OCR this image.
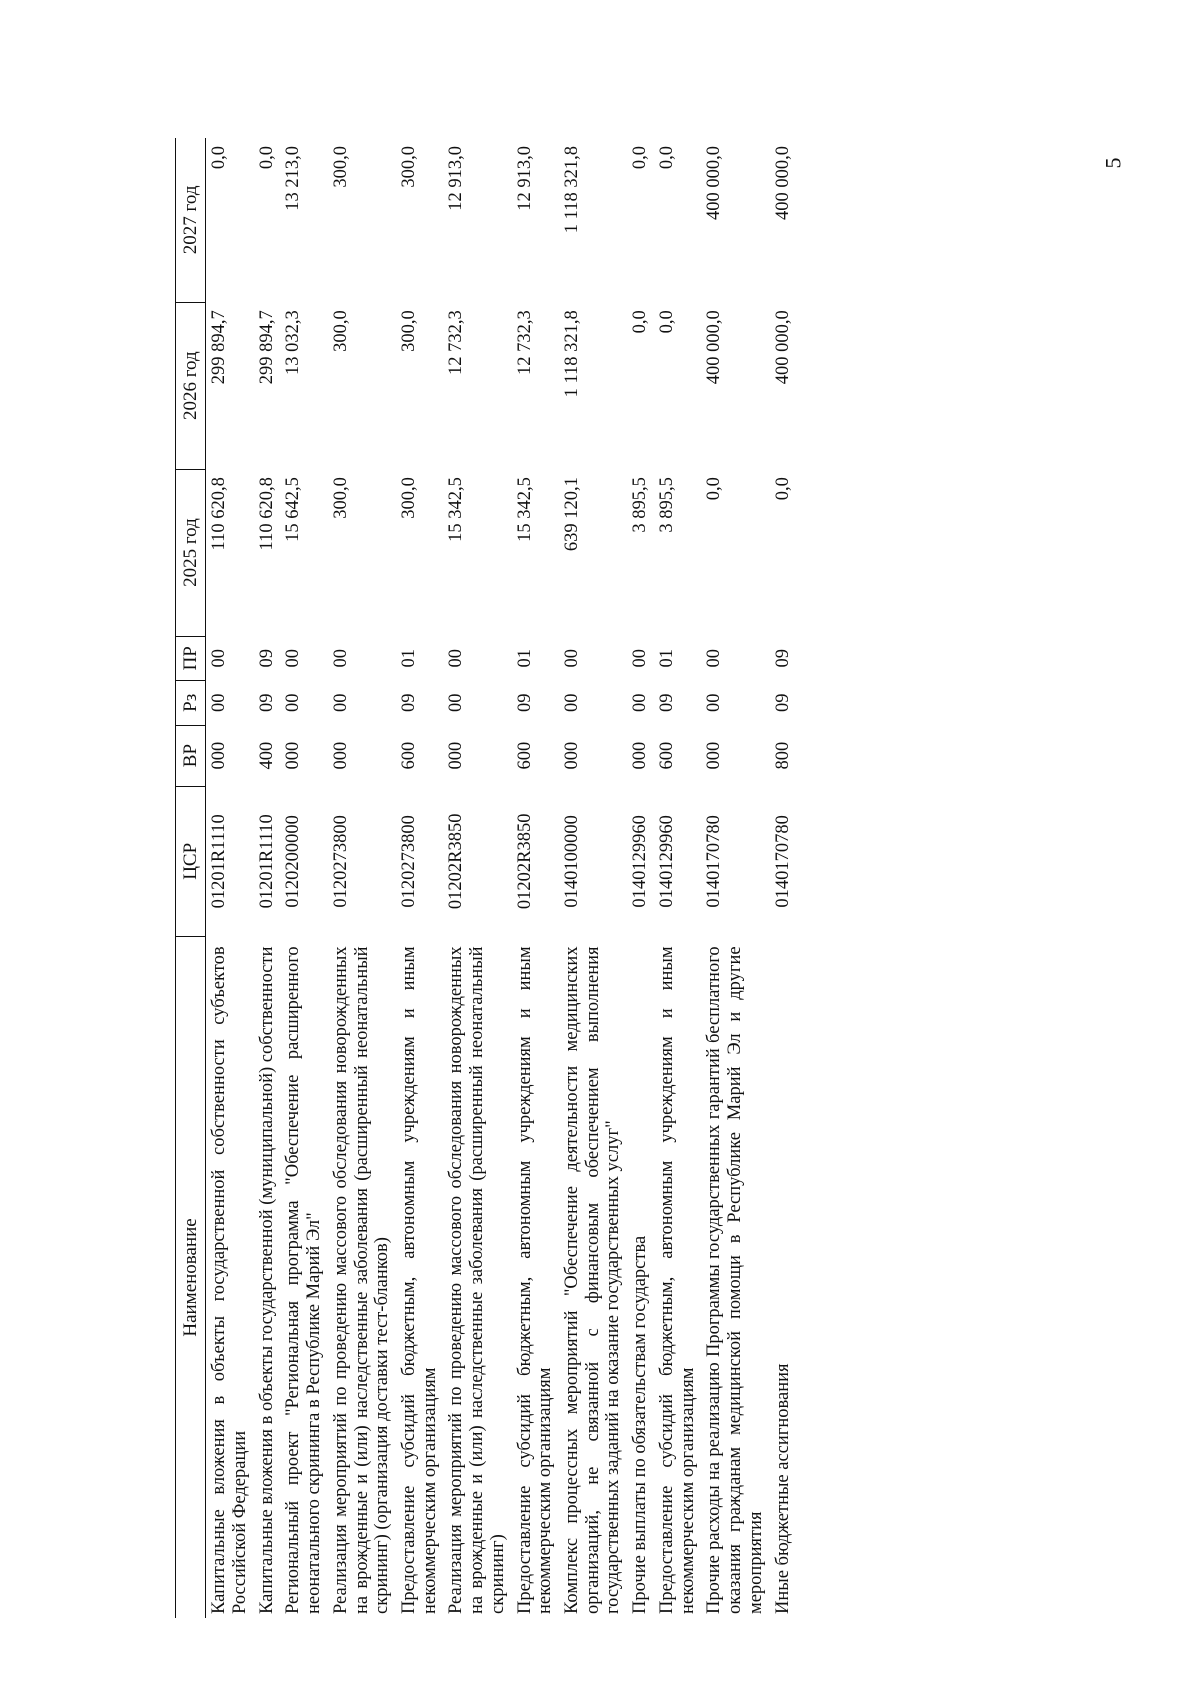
5
Наименование	ЦСР	ВР	Рз	ПР	2025 год	2026 год	2027 год
Капитальные вложения в объекты государственной собственности субъектов Российской Федерации	01201R1110	000	00	00	110 620,8	299 894,7	0,0
Капитальные вложения в объекты государственной (муниципальной) собственности	01201R1110	400	09	09	110 620,8	299 894,7	0,0
Региональный проект "Региональная программа "Обеспечение расширенного неонатального скрининга в Республике Марий Эл"	0120200000	000	00	00	15 642,5	13 032,3	13 213,0
Реализация мероприятий по проведению массового обследования новорожденных на врожденные и (или) наследственные заболевания (расширенный неонатальный скрининг) (организация доставки тест-бланков)	0120273800	000	00	00	300,0	300,0	300,0
Предоставление субсидий бюджетным, автономным учреждениям и иным некоммерческим организациям	0120273800	600	09	01	300,0	300,0	300,0
Реализация мероприятий по проведению массового обследования новорожденных на врожденные и (или) наследственные заболевания (расширенный неонатальный скрининг)	01202R3850	000	00	00	15 342,5	12 732,3	12 913,0
Предоставление субсидий бюджетным, автономным учреждениям и иным некоммерческим организациям	01202R3850	600	09	01	15 342,5	12 732,3	12 913,0
Комплекс процессных мероприятий "Обеспечение деятельности медицинских организаций, не связанной с финансовым обеспечением выполнения государственных заданий на оказание государственных услуг"	0140100000	000	00	00	639 120,1	1 118 321,8	1 118 321,8
Прочие выплаты по обязательствам государства	0140129960	000	00	00	3 895,5	0,0	0,0
Предоставление субсидий бюджетным, автономным учреждениям и иным некоммерческим организациям	0140129960	600	09	01	3 895,5	0,0	0,0
Прочие расходы на реализацию Программы государственных гарантий бесплатного оказания гражданам медицинской помощи в Республике Марий Эл и другие мероприятия	0140170780	000	00	00	0,0	400 000,0	400 000,0
Иные бюджетные ассигнования	0140170780	800	09	09	0,0	400 000,0	400 000,0
